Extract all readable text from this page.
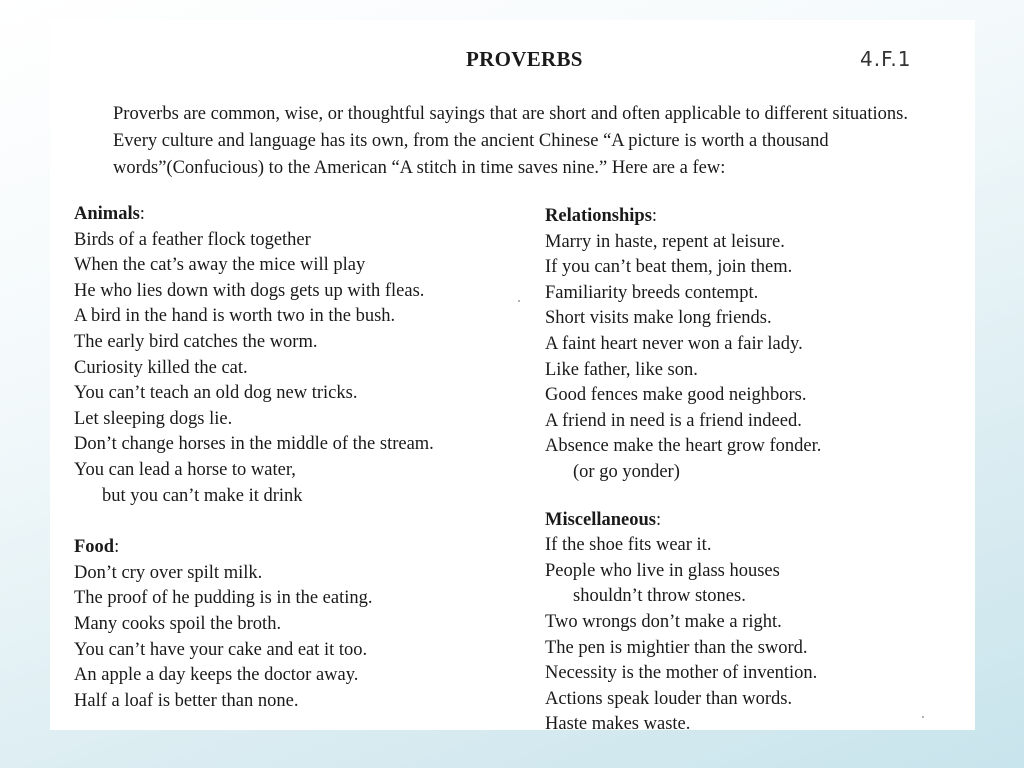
PROVERBS	4.F.1

Proverbs are common, wise, or thoughtful sayings that are short and often applicable to different situations. Every culture and language has its own, from the ancient Chinese “A picture is worth a thousand words”(Confucious) to the American “A stitch in time saves nine.” Here are a few:

Animals:

Birds of a feather flock together
When the cat’s away the mice will play
He who lies down with dogs gets up with fleas.
A bird in the hand is worth two in the bush.
The early bird catches the worm.
Curiosity killed the cat.
You can’t teach an old dog new tricks.
Let sleeping dogs lie.
Don’t change horses in the middle of the stream.
You can lead a horse to water,
but you can’t make it drink

Food:

Don’t cry over spilt milk.
The proof of he pudding is in the eating.
Many cooks spoil the broth.
You can’t have your cake and eat it too.
An apple a day keeps the doctor away.
Half a loaf is better than none.

Relationships:

Marry in haste, repent at leisure.
If you can’t beat them, join them.
Familiarity breeds contempt.
Short visits make long friends.
A faint heart never won a fair lady.
Like father, like son.
Good fences make good neighbors.
A friend in need is a friend indeed.
Absence make the heart grow fonder.
(or go yonder)

Miscellaneous:

If the shoe fits wear it.
People who live in glass houses
shouldn’t throw stones.
Two wrongs don’t make a right.
The pen is mightier than the sword.
Necessity is the mother of invention.
Actions speak louder than words.
Haste makes waste.
